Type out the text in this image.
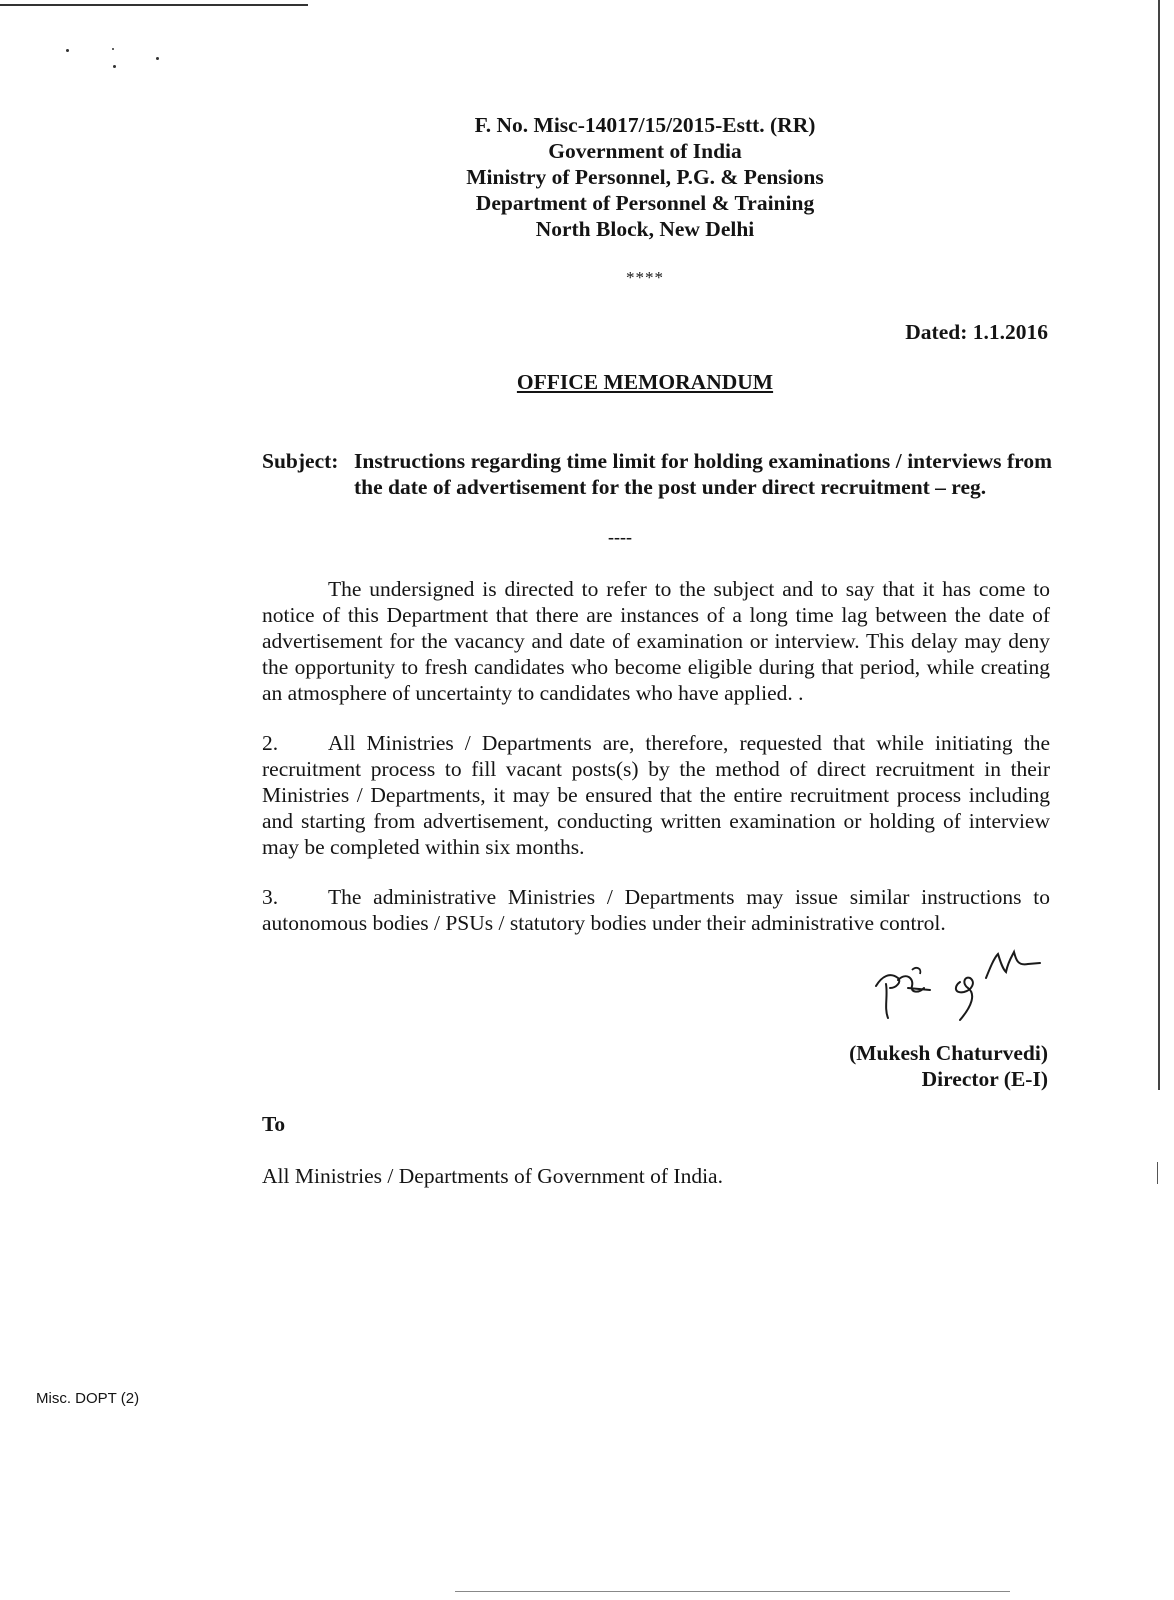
F. No. Misc-14017/15/2015-Estt. (RR)
Government of India
Ministry of Personnel, P.G. & Pensions
Department of Personnel & Training
North Block, New Delhi
****
Dated: 1.1.2016
OFFICE MEMORANDUM
Subject: Instructions regarding time limit for holding examinations / interviews from the date of advertisement for the post under direct recruitment – reg.
----
The undersigned is directed to refer to the subject and to say that it has come to notice of this Department that there are instances of a long time lag between the date of advertisement for the vacancy and date of examination or interview. This delay may deny the opportunity to fresh candidates who become eligible during that period, while creating an atmosphere of uncertainty to candidates who have applied. .
2. All Ministries / Departments are, therefore, requested that while initiating the recruitment process to fill vacant posts(s) by the method of direct recruitment in their Ministries / Departments, it may be ensured that the entire recruitment process including and starting from advertisement, conducting written examination or holding of interview may be completed within six months.
3. The administrative Ministries / Departments may issue similar instructions to autonomous bodies / PSUs / statutory bodies under their administrative control.
(Mukesh Chaturvedi)
Director (E-I)
To
All Ministries / Departments of Government of India.
Misc. DOPT (2)
